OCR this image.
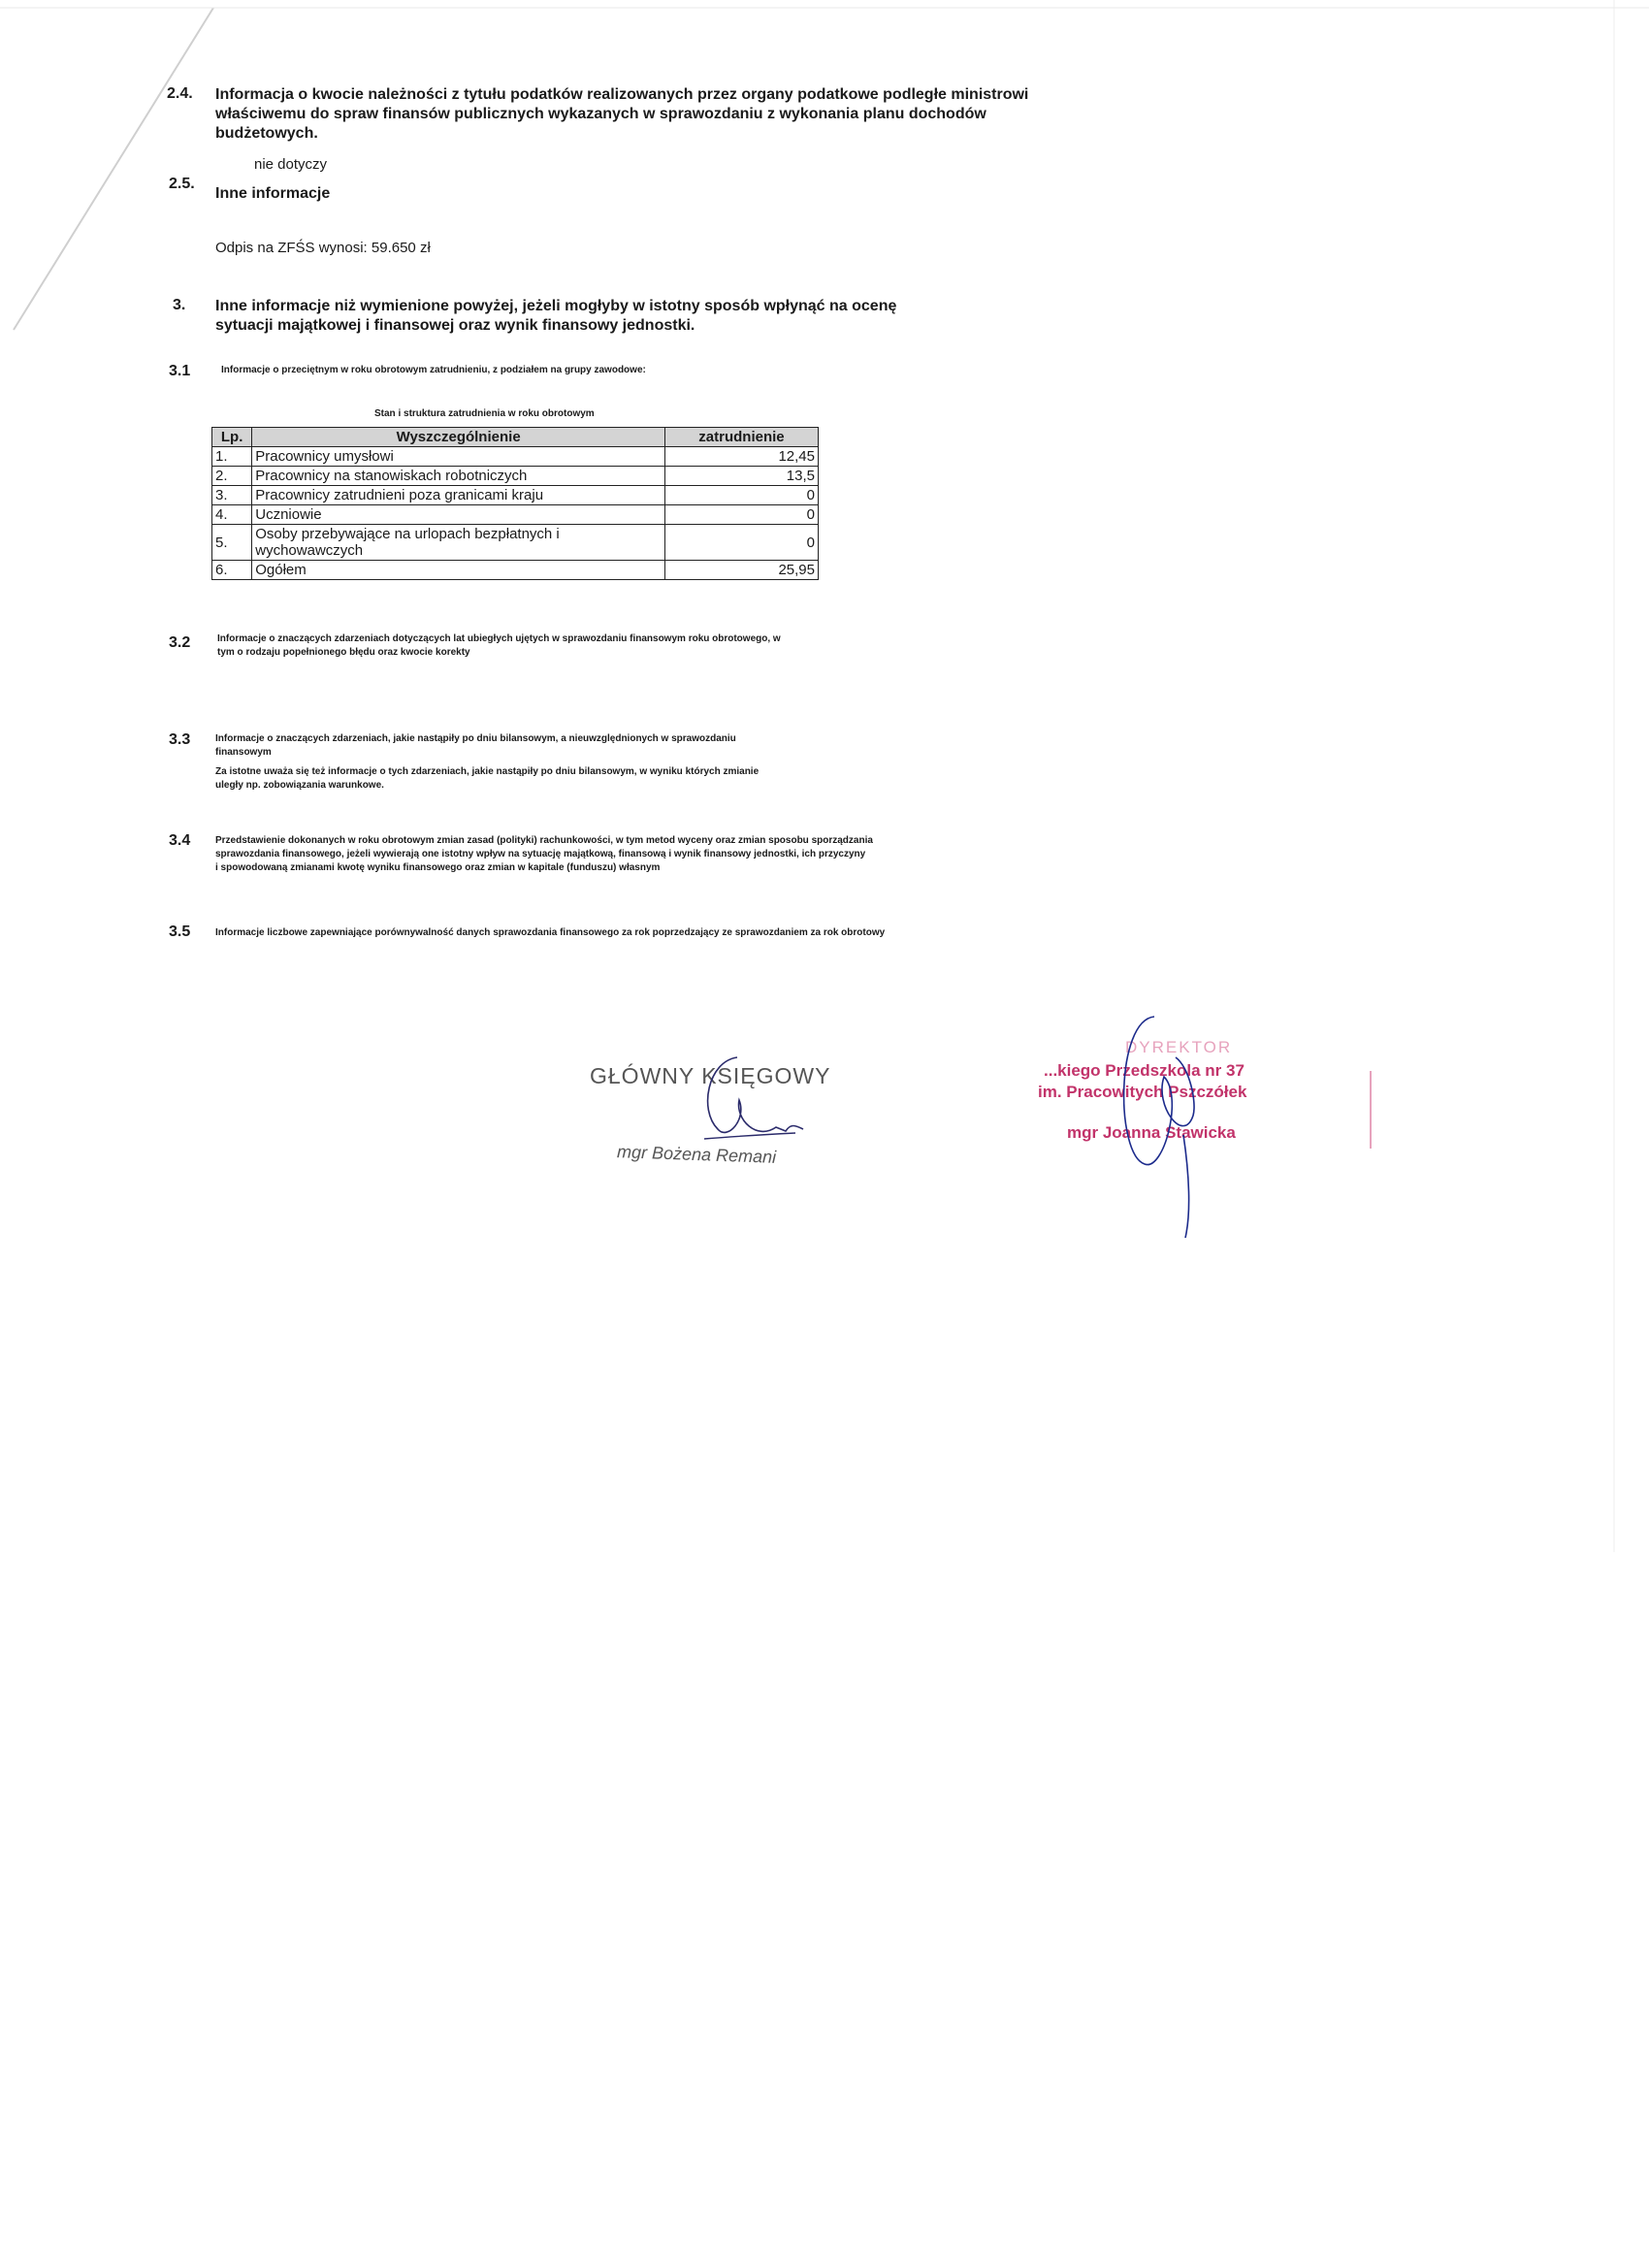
2.4. Informacja o kwocie należności z tytułu podatków realizowanych przez organy podatkowe podległe ministrowi
właściwemu do spraw finansów publicznych wykazanych w sprawozdaniu z wykonania planu dochodów
budżetowych.
nie dotyczy
2.5.
Inne informacje
Odpis na ZFŚS wynosi: 59.650 zł
3. Inne informacje niż wymienione powyżej, jeżeli mogłyby w istotny sposób wpłynąć na ocenę
sytuacji majątkowej i finansowej oraz wynik finansowy jednostki.
3.1	Informacje o przeciętnym w roku obrotowym zatrudnieniu, z podziałem na grupy zawodowe:
Stan i struktura zatrudnienia w roku obrotowym
Lp.	Wyszczególnienie	zatrudnienie
1.	Pracownicy umysłowi	12,45
2.	Pracownicy na stanowiskach robotniczych	13,5
3.	Pracownicy zatrudnieni poza granicami kraju	0
4.	Uczniowie	0
5.	Osoby przebywające na urlopach bezpłatnych i
wychowawczych	0
6.	Ogółem	25,95
3.2	Informacje o znaczących zdarzeniach dotyczących lat ubiegłych ujętych w sprawozdaniu finansowym roku obrotowego, w
tym o rodzaju popełnionego błędu oraz kwocie korekty
3.3	Informacje o znaczących zdarzeniach, jakie nastąpiły po dniu bilansowym, a nieuwzględnionych w sprawozdaniu
finansowym
Za istotne uważa się też informacje o tych zdarzeniach, jakie nastąpiły po dniu bilansowym, w wyniku których zmianie
uległy np. zobowiązania warunkowe.
3.4	Przedstawienie dokonanych w roku obrotowym zmian zasad (polityki) rachunkowości, w tym metod wyceny oraz zmian sposobu sporządzania
sprawozdania finansowego, jeżeli wywierają one istotny wpływ na sytuację majątkową, finansową i wynik finansowy jednostki, ich przyczyny
i spowodowaną zmianami kwotę wyniku finansowego oraz zmian w kapitale (funduszu) własnym
3.5	Informacje liczbowe zapewniające porównywalność danych sprawozdania finansowego za rok poprzedzający ze sprawozdaniem za rok obrotowy
GŁÓWNY KSIĘGOWY
mgr Bożena Remani
DYREKTOR
...kiego Przedszkola nr 37
im. Pracowitych Pszczółek
mgr Joanna Stawicka
